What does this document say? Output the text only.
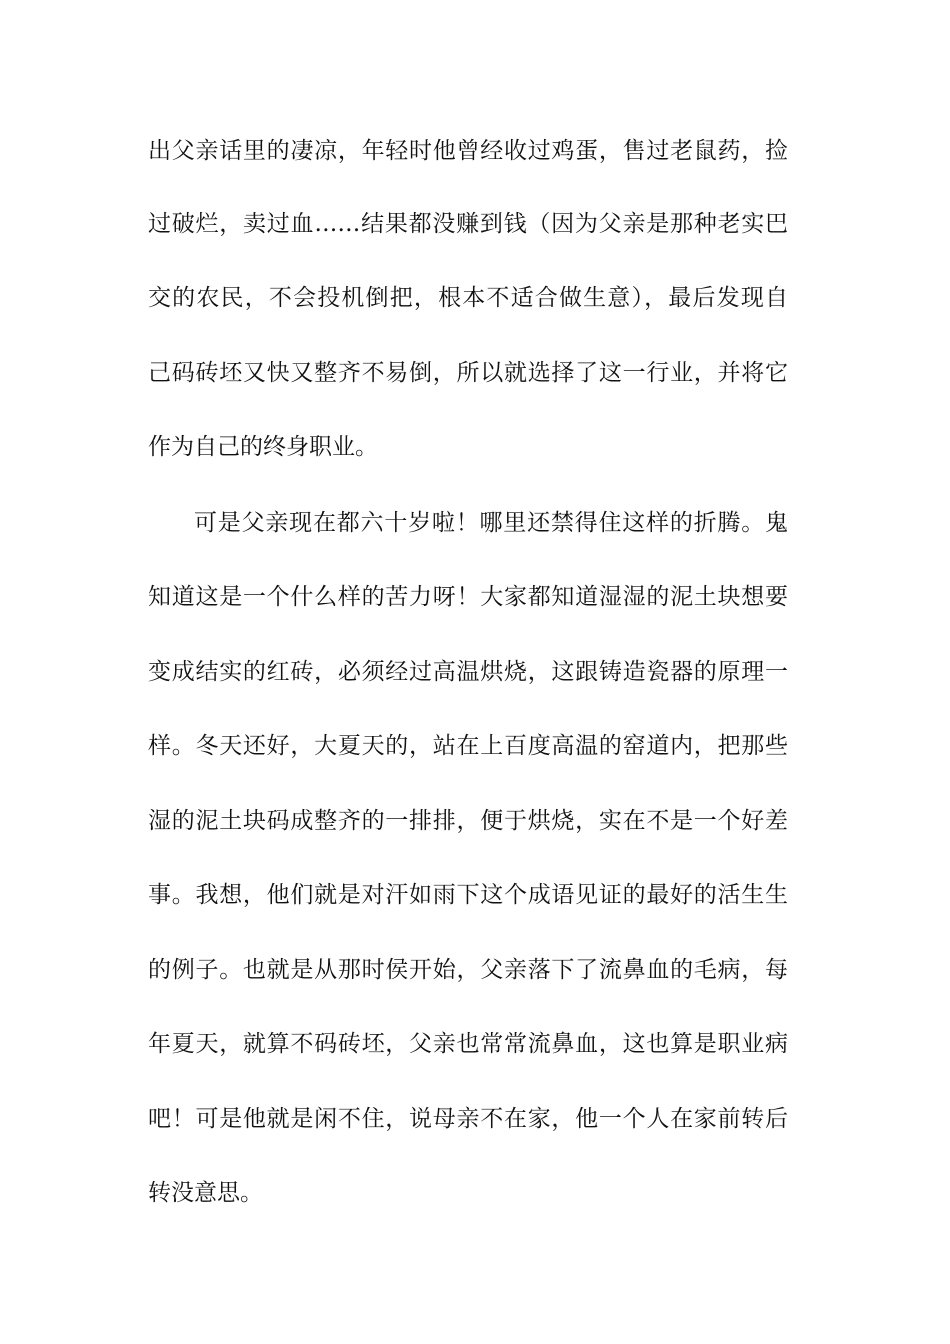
出父亲话里的凄凉，年轻时他曾经收过鸡蛋，售过老鼠药，捡
过破烂，卖过血……结果都没赚到钱（因为父亲是那种老实巴
交的农民，不会投机倒把，根本不适合做生意），最后发现自
己码砖坯又快又整齐不易倒，所以就选择了这一行业，并将它
作为自己的终身职业。
可是父亲现在都六十岁啦！哪里还禁得住这样的折腾。鬼
知道这是一个什么样的苦力呀！大家都知道湿湿的泥土块想要
变成结实的红砖，必须经过高温烘烧，这跟铸造瓷器的原理一
样。冬天还好，大夏天的，站在上百度高温的窑道内，把那些
湿的泥土块码成整齐的一排排，便于烘烧，实在不是一个好差
事。我想，他们就是对汗如雨下这个成语见证的最好的活生生
的例子。也就是从那时侯开始，父亲落下了流鼻血的毛病，每
年夏天，就算不码砖坯，父亲也常常流鼻血，这也算是职业病
吧！可是他就是闲不住，说母亲不在家，他一个人在家前转后
转没意思。
